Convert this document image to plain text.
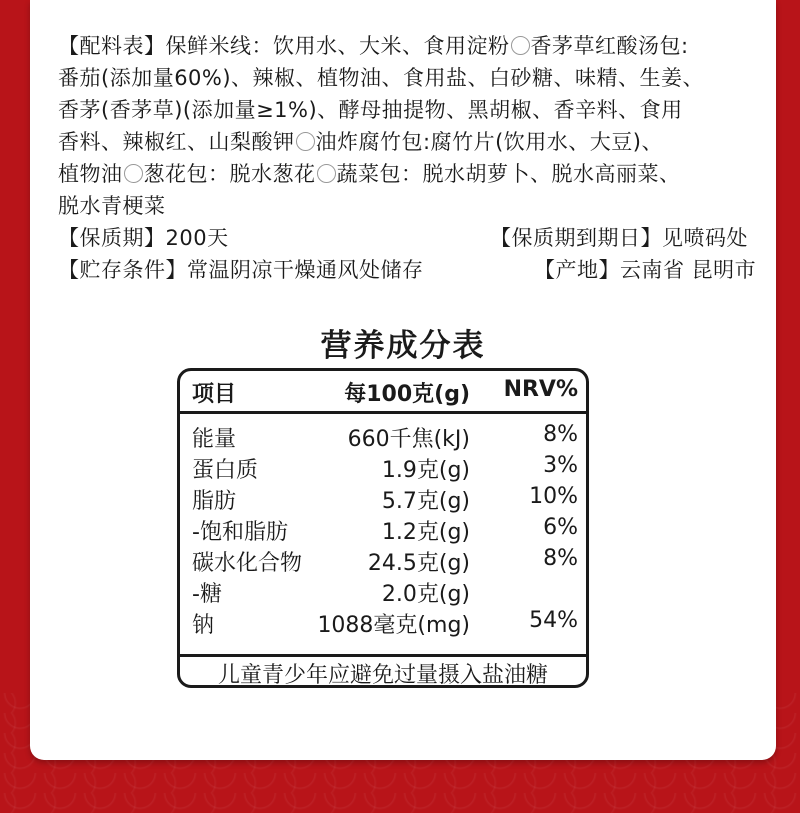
【配料表】保鲜米线：饮用水、大米、食用淀粉 香茅草红酸汤包:

番茄(添加量60%)、辣椒、植物油、食用盐、白砂糖、味精、生姜、

香茅(香茅草)(添加量≥1%)、酵母抽提物、黑胡椒、香辛料、食用

香料、辣椒红、山梨酸钾 油炸腐竹包:腐竹片(饮用水、大豆)、

植物油 葱花包：脱水葱花 蔬菜包：脱水胡萝卜、脱水高丽菜、

脱水青梗菜

【保质期】200天	【保质期到期日】见喷码处
【贮存条件】常温阴凉干燥通风处储存	【产地】云南省 昆明市
营养成分表
项目	每100克(g) NRV%
能量	660千焦(kJ)	8%
蛋白质	1.9克(g)	3%
脂肪	5.7克(g)	10%
-饱和脂肪	1.2克(g)	6%
碳水化合物	24.5克(g)	8%
-糖	2.0克(g)
钠	1088毫克(mg)	54%
儿童青少年应避免过量摄入盐油糖
